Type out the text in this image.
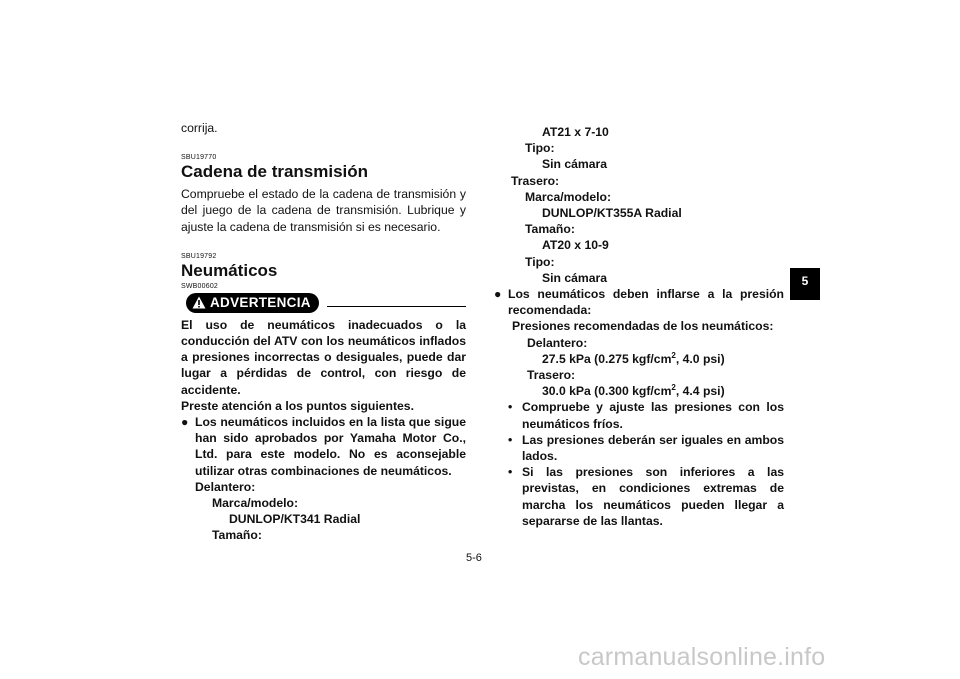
corrija.

SBU19770

Cadena de transmisión

Compruebe el estado de la cadena de transmisión y del juego de la cadena de transmisión. Lubrique y ajuste la cadena de transmisión si es necesario.

SBU19792

Neumáticos

SWB00602

ADVERTENCIA

El uso de neumáticos inadecuados o la conducción del ATV con los neumáticos inflados a presiones incorrectas o desiguales, puede dar lugar a pérdidas de control, con riesgo de accidente.

Preste atención a los puntos siguientes.

● Los neumáticos incluidos en la lista que sigue han sido aprobados por Yamaha Motor Co., Ltd. para este modelo. No es aconsejable utilizar otras combinaciones de neumáticos.

Delantero:

Marca/modelo:

DUNLOP/KT341 Radial

Tamaño:

AT21 x 7-10

Tipo:

Sin cámara

Trasero:

Marca/modelo:

DUNLOP/KT355A Radial

Tamaño:

AT20 x 10-9

Tipo:

Sin cámara

● Los neumáticos deben inflarse a la presión recomendada:

Presiones recomendadas de los neumáticos:

Delantero:

27.5 kPa (0.275 kgf/$cm^2$, 4.0 psi)

Trasero:

30.0 kPa (0.300 kgf/$cm^2$, 4.4 psi)

• Compruebe y ajuste las presiones con los neumáticos fríos.
• Las presiones deberán ser iguales en ambos lados.
• Si las presiones son inferiores a las previstas, en condiciones extremas de marcha los neumáticos pueden llegar a separarse de las llantas.
5
5-6
carmanualsonline.info
